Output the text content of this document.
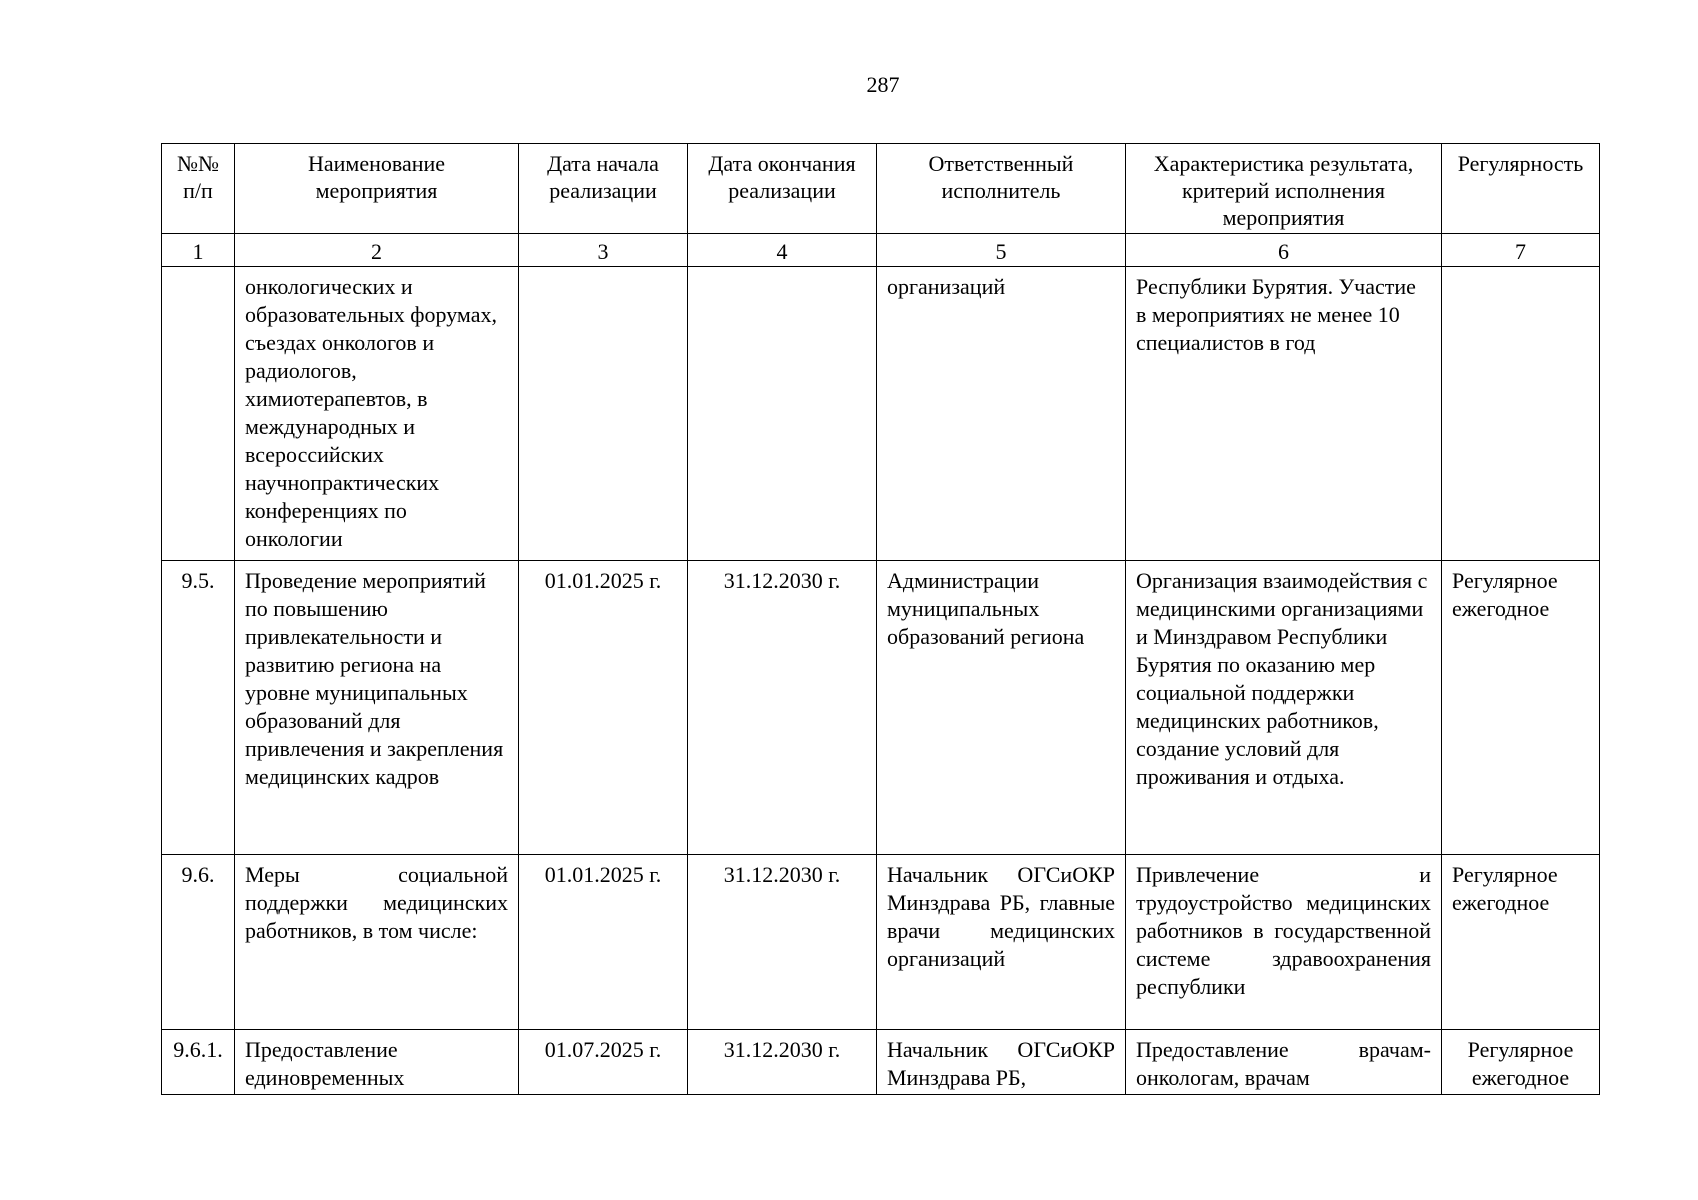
287
№№ п/п	Наименование мероприятия	Дата начала реализации	Дата окончания реализации	Ответственный исполнитель	Характеристика результата, критерий исполнения мероприятия	Регулярность
1	2	3	4	5	6	7
	онкологических и образовательных форумах, съездах онкологов и радиологов, химиотерапевтов, в международных и всероссийских научнопрактических конференциях по онкологии			организаций	Республики Бурятия. Участие в мероприятиях не менее 10 специалистов в год	
9.5.	Проведение мероприятий по повышению привлекательности и развитию региона на уровне муниципальных образований для привлечения и закрепления медицинских кадров	01.01.2025 г.	31.12.2030 г.	Администрации муниципальных образований региона	Организация взаимодействия с медицинскими организациями и Минздравом Республики Бурятия по оказанию мер социальной поддержки медицинских работников, создание условий для проживания и отдыха.	Регулярное ежегодное
9.6.	Меры социальной поддержки медицинских работников, в том числе:	01.01.2025 г.	31.12.2030 г.	Начальник ОГСиОКР Минздрава РБ, главные врачи медицинских организаций	Привлечение и трудоустройство медицинских работников в государственной системе здравоохранения республики	Регулярное ежегодное
9.6.1.	Предоставление единовременных	01.07.2025 г.	31.12.2030 г.	Начальник ОГСиОКР Минздрава РБ,	Предоставление врачам-онкологам, врачам	Регулярное ежегодное
